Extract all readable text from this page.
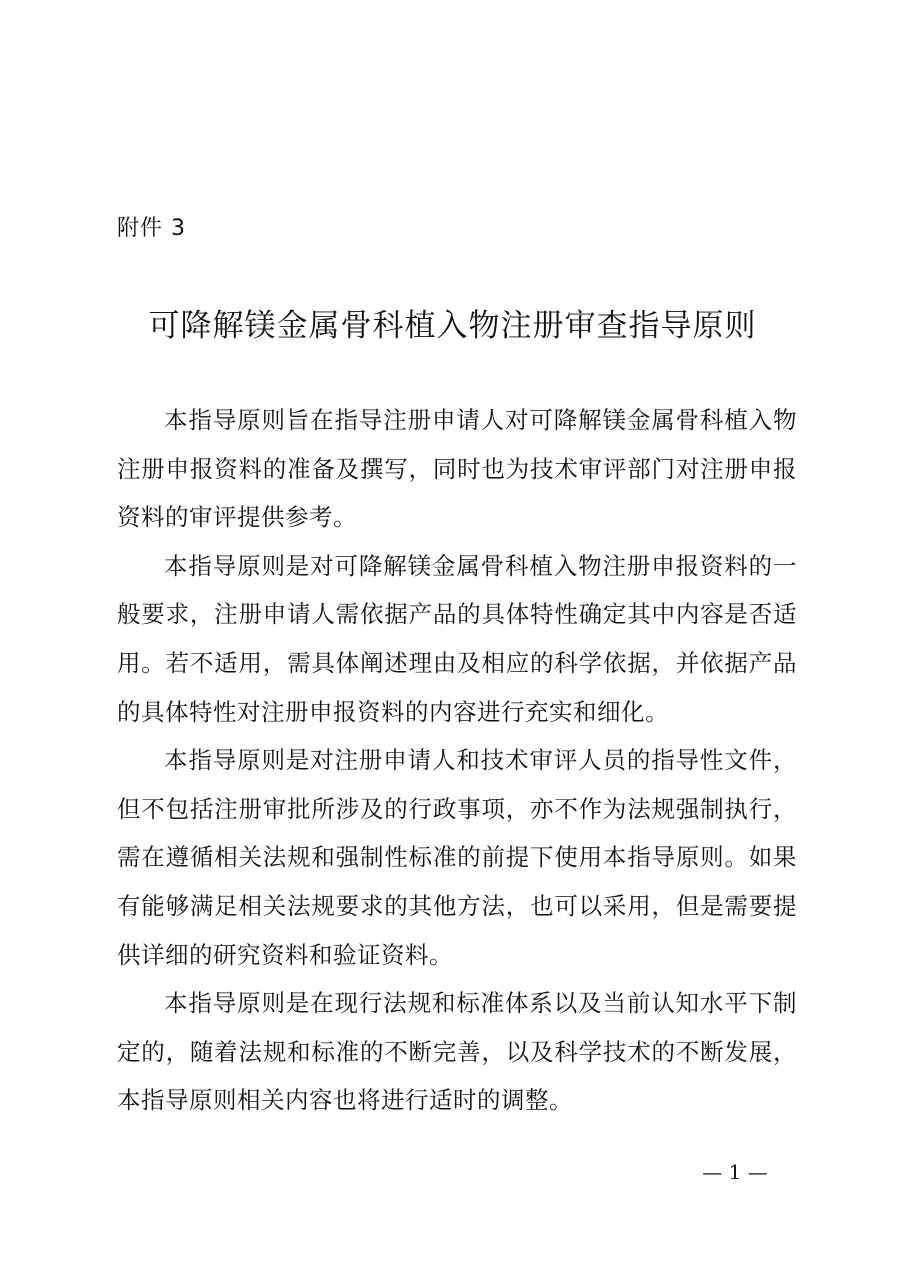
附件 3
可降解镁金属骨科植入物注册审查指导原则

本指导原则旨在指导注册申请人对可降解镁金属骨科植入物注册申报资料的准备及撰写，同时也为技术审评部门对注册申报资料的审评提供参考。

本指导原则是对可降解镁金属骨科植入物注册申报资料的一般要求，注册申请人需依据产品的具体特性确定其中内容是否适用。若不适用，需具体阐述理由及相应的科学依据，并依据产品的具体特性对注册申报资料的内容进行充实和细化。

本指导原则是对注册申请人和技术审评人员的指导性文件，但不包括注册审批所涉及的行政事项，亦不作为法规强制执行，需在遵循相关法规和强制性标准的前提下使用本指导原则。如果有能够满足相关法规要求的其他方法，也可以采用，但是需要提供详细的研究资料和验证资料。

本指导原则是在现行法规和标准体系以及当前认知水平下制定的，随着法规和标准的不断完善，以及科学技术的不断发展，本指导原则相关内容也将进行适时的调整。

— 1 —
